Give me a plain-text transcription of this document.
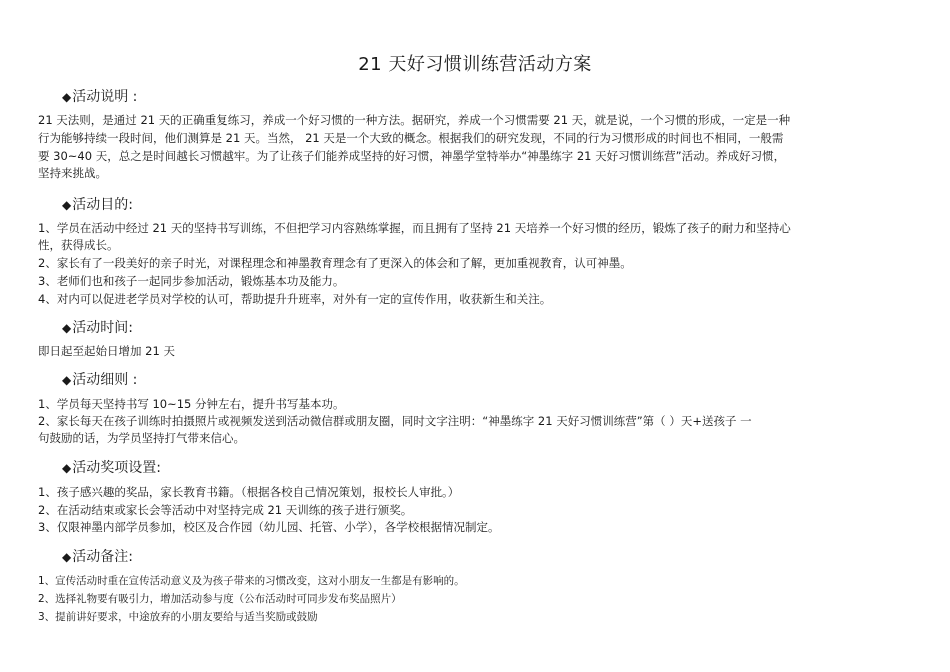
21 天好习惯训练营活动方案
◆活动说明 :
21 天法则，是通过 21 天的正确重复练习，养成一个好习惯的一种方法。据研究，养成一个习惯需要 21 天，就是说，一个习惯的形成，一定是一种
行为能够持续一段时间，他们测算是 21 天。当然， 21 天是一个大致的概念。根据我们的研究发现，不同的行为习惯形成的时间也不相同，一般需
要 30~40 天，总之是时间越长习惯越牢。为了让孩子们能养成坚持的好习惯，神墨学堂特举办“神墨练字 21 天好习惯训练营”活动。养成好习惯，
坚持来挑战。
◆活动目的:
1、学员在活动中经过 21 天的坚持书写训练，不但把学习内容熟练掌握，而且拥有了坚持 21 天培养一个好习惯的经历，锻炼了孩子的耐力和坚持心
性，获得成长。
2、家长有了一段美好的亲子时光，对课程理念和神墨教育理念有了更深入的体会和了解，更加重视教育，认可神墨。
3、老师们也和孩子一起同步参加活动，锻炼基本功及能力。
4、对内可以促进老学员对学校的认可，帮助提升升班率，对外有一定的宣传作用，收获新生和关注。
◆活动时间:
即日起至起始日增加 21 天
◆活动细则 :
1、学员每天坚持书写 10~15 分钟左右，提升书写基本功。
2、家长每天在孩子训练时拍摄照片或视频发送到活动微信群或朋友圈，同时文字注明：“神墨练字 21 天好习惯训练营”第（ ）天+送孩子 一
句鼓励的话，为学员坚持打气带来信心。
◆活动奖项设置:
1、孩子感兴趣的奖品，家长教育书籍。（根据各校自己情况策划，报校长人审批。）
2、在活动结束或家长会等活动中对坚持完成 21 天训练的孩子进行颁奖。
3、仅限神墨内部学员参加，校区及合作园（幼儿园、托管、小学），各学校根据情况制定。
◆活动备注:
1、宣传活动时重在宣传活动意义及为孩子带来的习惯改变，这对小朋友一生都是有影响的。
2、选择礼物要有吸引力，增加活动参与度（公布活动时可同步发布奖品照片）
3、提前讲好要求，中途放弃的小朋友要给与适当奖励或鼓励
